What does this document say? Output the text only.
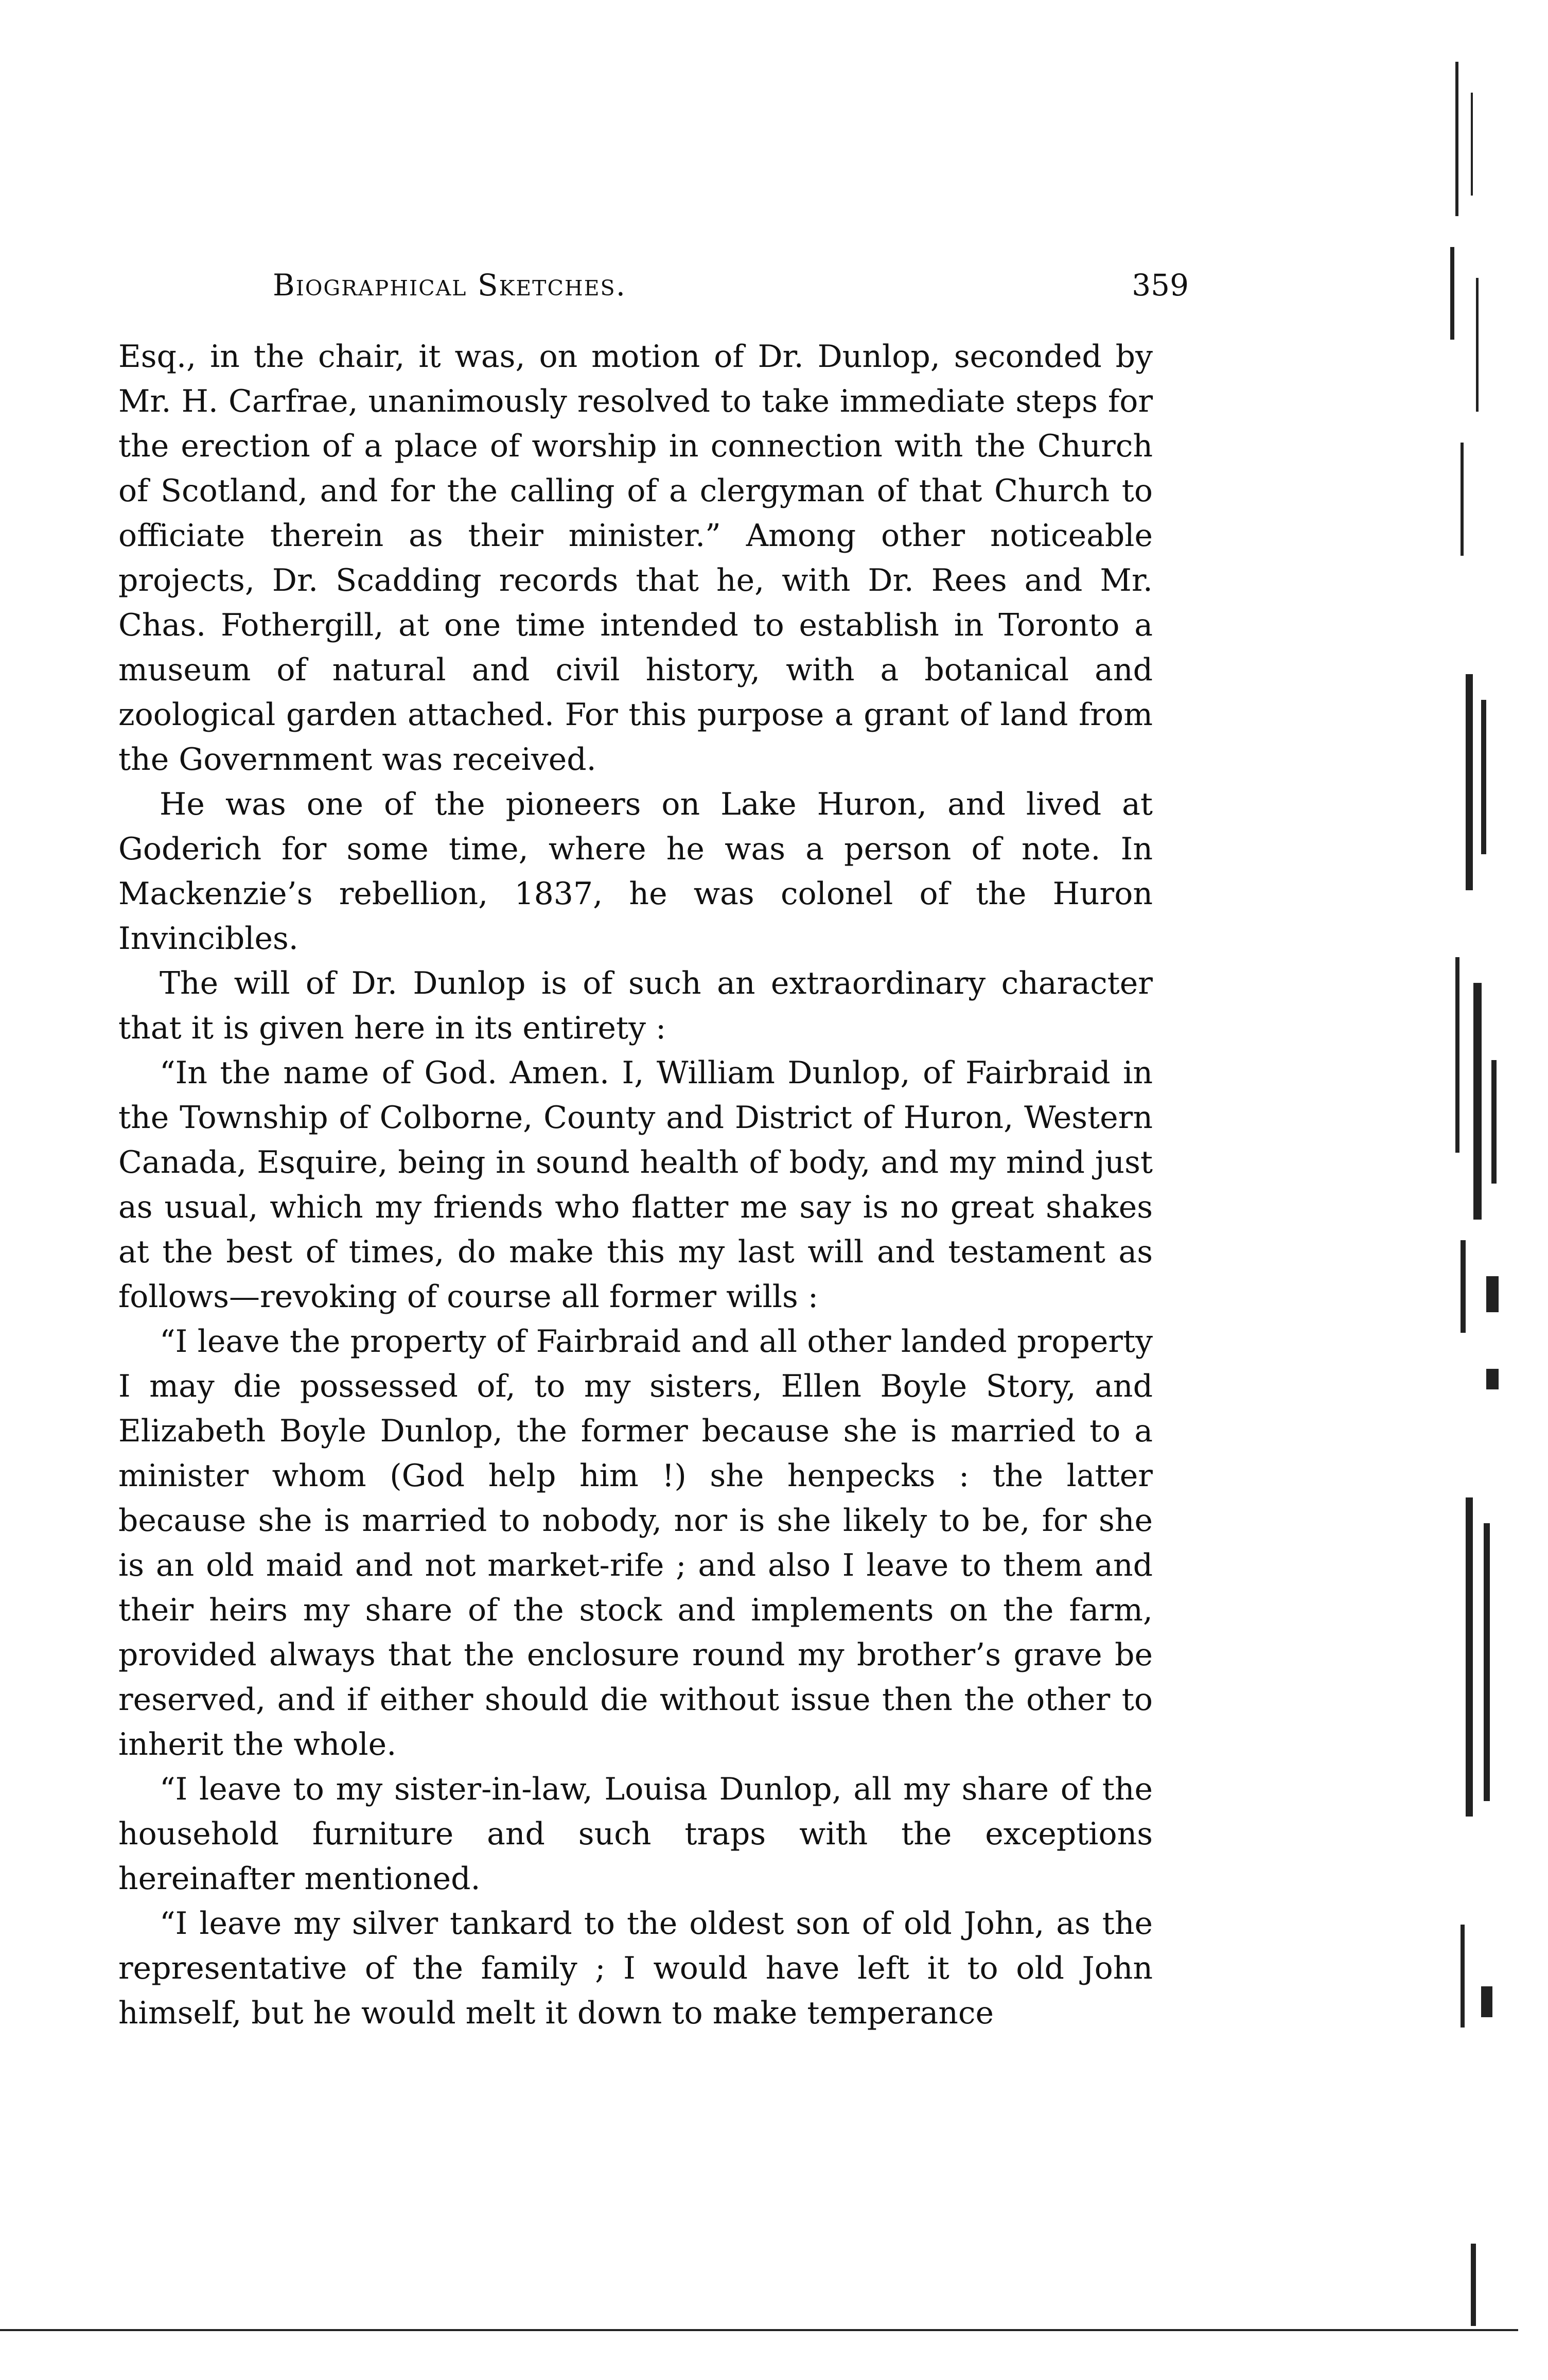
Biographical Sketches.	359

Esq., in the chair, it was, on motion of Dr. Dunlop, seconded by Mr. H. Carfrae, unanimously resolved to take immediate steps for the erection of a place of worship in connection with the Church of Scotland, and for the calling of a clergyman of that Church to officiate therein as their minister.” Among other noticeable projects, Dr. Scadding records that he, with Dr. Rees and Mr. Chas. Fothergill, at one time intended to establish in Toronto a museum of natural and civil history, with a botanical and zoological garden attached. For this purpose a grant of land from the Government was received.

He was one of the pioneers on Lake Huron, and lived at Goderich for some time, where he was a person of note. In Mackenzie’s rebellion, 1837, he was colonel of the Huron Invincibles.

The will of Dr. Dunlop is of such an extraordinary character that it is given here in its entirety :

“In the name of God. Amen. I, William Dunlop, of Fairbraid in the Township of Colborne, County and District of Huron, Western Canada, Esquire, being in sound health of body, and my mind just as usual, which my friends who flatter me say is no great shakes at the best of times, do make this my last will and testament as follows—revoking of course all former wills :

“I leave the property of Fairbraid and all other landed property I may die possessed of, to my sisters, Ellen Boyle Story, and Elizabeth Boyle Dunlop, the former because she is married to a minister whom (God help him !) she henpecks : the latter because she is married to nobody, nor is she likely to be, for she is an old maid and not market-rife ; and also I leave to them and their heirs my share of the stock and implements on the farm, provided always that the enclosure round my brother’s grave be reserved, and if either should die without issue then the other to inherit the whole.

“I leave to my sister-in-law, Louisa Dunlop, all my share of the household furniture and such traps with the exceptions hereinafter mentioned.

“I leave my silver tankard to the oldest son of old John, as the representative of the family ; I would have left it to old John himself, but he would melt it down to make temperance
